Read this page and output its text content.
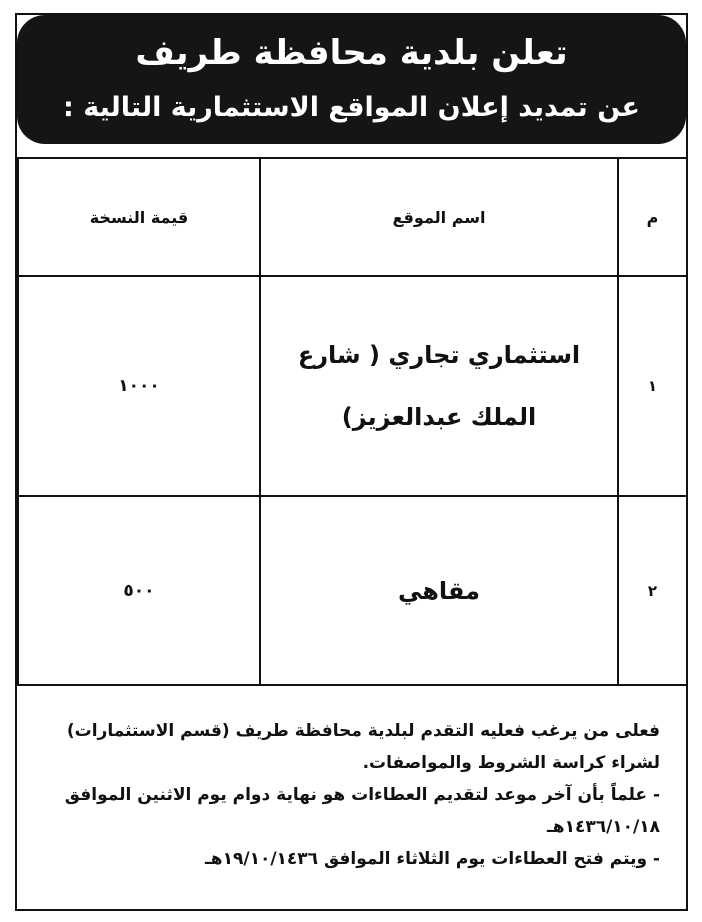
تعلن بلدية محافظة طريف
عن تمديد إعلان المواقع الاستثمارية التالية :
م	اسم الموقع	قيمة النسخة
١	استثماري تجاري ( شارع الملك عبدالعزيز)	١٠٠٠
٢	مقاهي	٥٠٠

فعلى من يرغب فعليه التقدم لبلدية محافظة طريف (قسم الاستثمارات) لشراء كراسة الشروط والمواصفات.

- علماً بأن آخر موعد لتقديم العطاءات هو نهاية دوام يوم الاثنين الموافق ١٤٣٦/١٠/١٨هـ

- ويتم فتح العطاءات يوم الثلاثاء الموافق ١٩/١٠/١٤٣٦هـ
